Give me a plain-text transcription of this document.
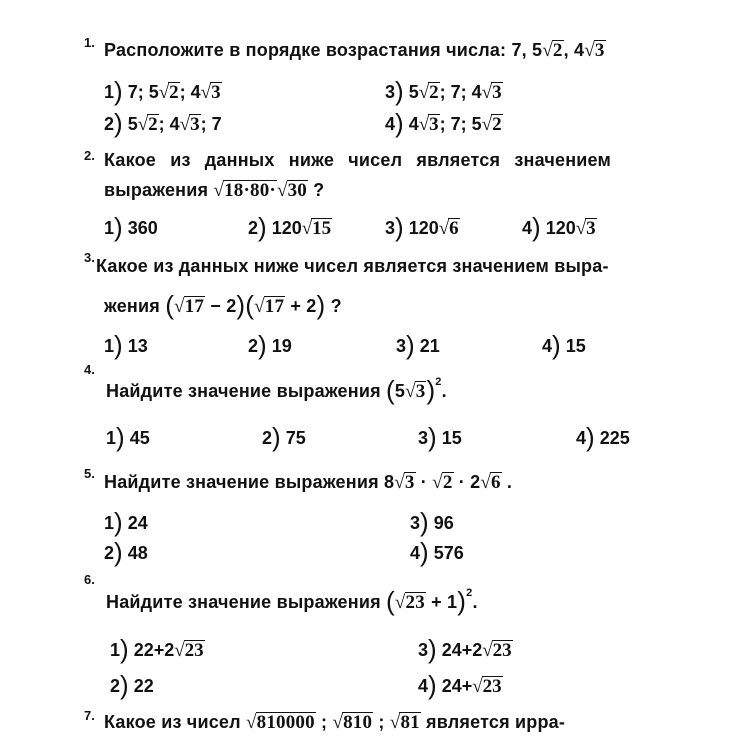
1. Расположите в порядке возрастания числа: 7, 5√2, 4√3
1) 7; 5√2; 4√3	3) 5√2; 7; 4√3
2) 5√2; 4√3; 7	4) 4√3; 7; 5√2
2. Какое из данных ниже чисел является значением
выражения √18·80·√30 ?
1) 360	2) 120√15	3) 120√6	4) 120√3
3. Какое из данных ниже чисел является значением выра-
жения (√17 − 2)(√17 + 2) ?
1) 13	2) 19	3) 21	4) 15
4.
Найдите значение выражения $(5√3)^2$.
1) 45	2) 75	3) 15	4) 225
5. Найдите значение выражения 8√3 · √2 · 2√6 .
1) 24	3) 96
2) 48	4) 576
6.
Найдите значение выражения $(√23 + 1)^2$.
1) 22+2√23	3) 24+2√23
2) 22	4) 24+√23
7. Какое из чисел √810000 ; √810 ; √81 является ирра-
